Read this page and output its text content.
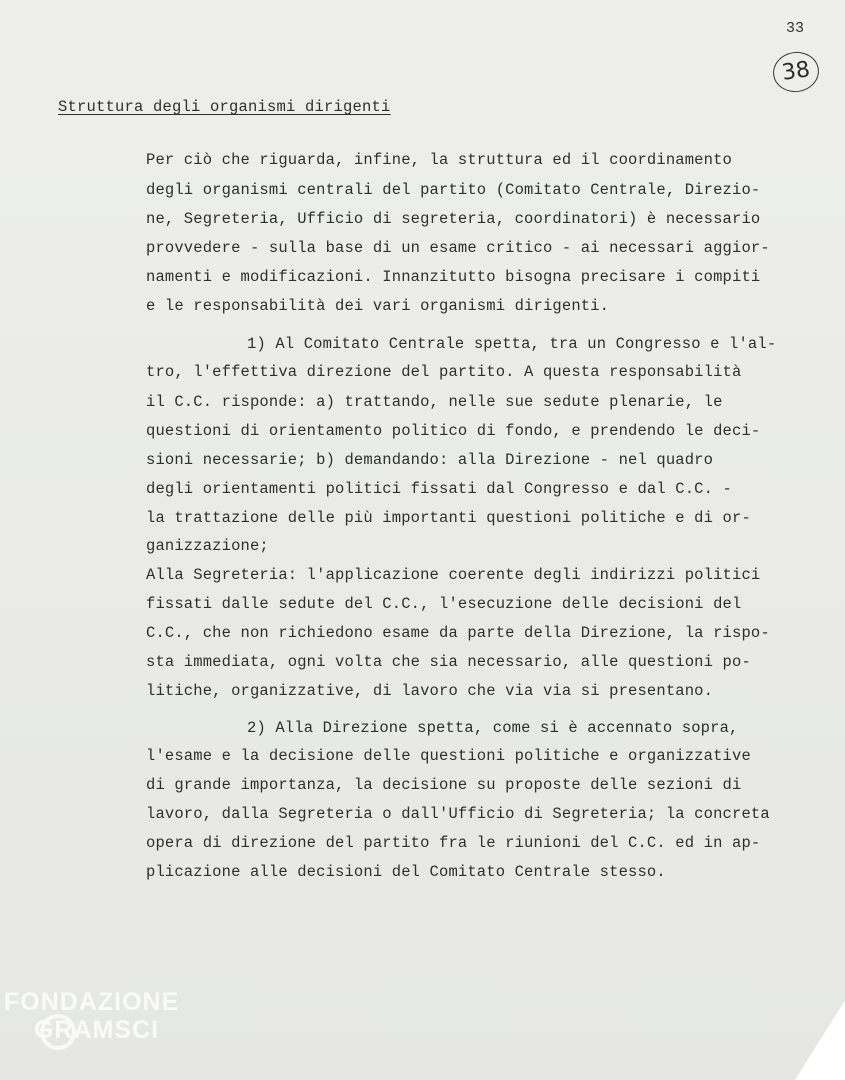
33
38
Struttura degli organismi dirigenti
Per ciò che riguarda, infine, la struttura ed il coordinamento
degli organismi centrali del partito (Comitato Centrale, Direzio-
ne, Segreteria, Ufficio di segreteria, coordinatori) è necessario
provvedere - sulla base di un esame critico - ai necessari aggior-
namenti e modificazioni. Innanzitutto bisogna precisare i compiti
e le responsabilità dei vari organismi dirigenti.
1) Al Comitato Centrale spetta, tra un Congresso e l'al-
tro, l'effettiva direzione del partito. A questa responsabilità
il C.C. risponde: a) trattando, nelle sue sedute plenarie, le
questioni di orientamento politico di fondo, e prendendo le deci-
sioni necessarie; b) demandando: alla Direzione - nel quadro
degli orientamenti politici fissati dal Congresso e dal C.C. -
la trattazione delle più importanti questioni politiche e di or-
ganizzazione;
Alla Segreteria: l'applicazione coerente degli indirizzi politici
fissati dalle sedute del C.C., l'esecuzione delle decisioni del
C.C., che non richiedono esame da parte della Direzione, la rispo-
sta immediata, ogni volta che sia necessario, alle questioni po-
litiche, organizzative, di lavoro che via via si presentano.
2) Alla Direzione spetta, come si è accennato sopra,
l'esame e la decisione delle questioni politiche e organizzative
di grande importanza, la decisione su proposte delle sezioni di
lavoro, dalla Segreteria o dall'Ufficio di Segreteria; la concreta
opera di direzione del partito fra le riunioni del C.C. ed in ap-
plicazione alle decisioni del Comitato Centrale stesso.
FONDAZIONE
GRAMSCI
